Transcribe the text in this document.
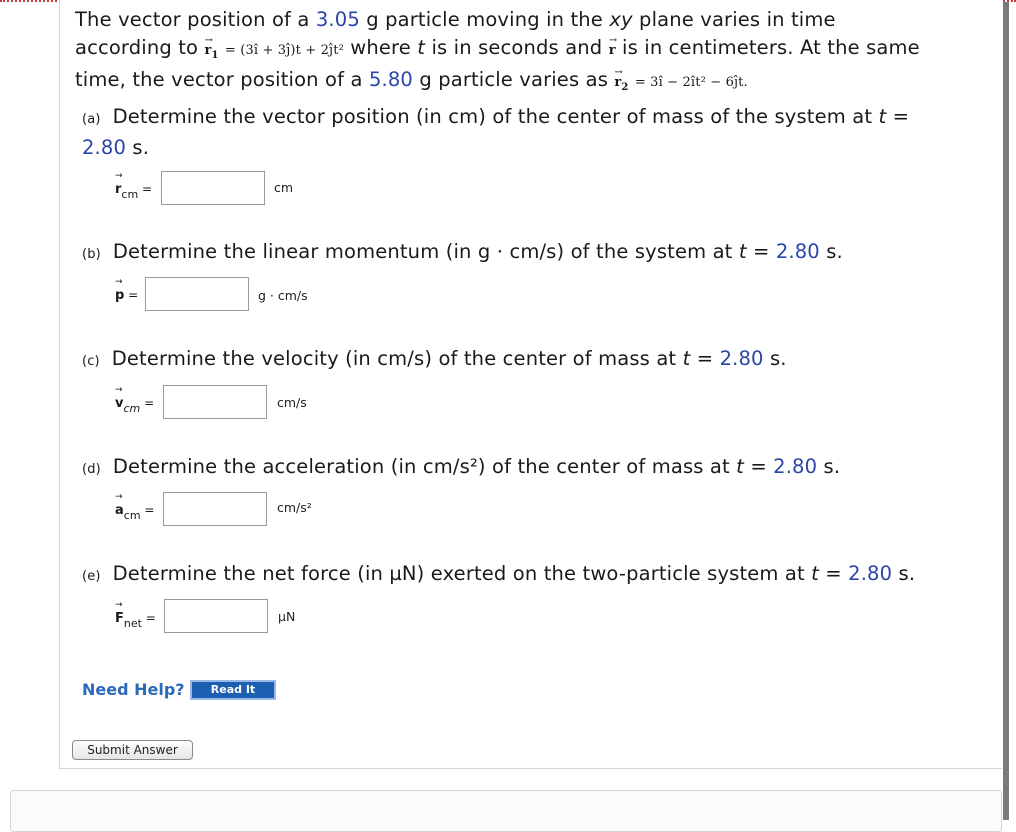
The vector position of a 3.05 g particle moving in the xy plane varies in time
according to →
$r_1$ = (3î + 3ĵ)t + 2ĵt² where t is in seconds and →
r is in centimeters. At the same
time, the vector position of a 5.80 g particle varies as →
$r_2$ = 3î − 2ît² − 6ĵt.
(a) Determine the vector position (in cm) of the center of mass of the system at t =
2.80 s.
→
rcm =	cm
(b) Determine the linear momentum (in g · cm/s) of the system at t = 2.80 s.
→
p =	g · cm/s
(c) Determine the velocity (in cm/s) of the center of mass at t = 2.80 s.
→
vcm =	cm/s
(d) Determine the acceleration (in cm/s²) of the center of mass at t = 2.80 s.
→
acm =	cm/s²
(e) Determine the net force (in µN) exerted on the two-particle system at t = 2.80 s.
→
Fnet =	µN
Need Help?	Read It
Submit Answer
